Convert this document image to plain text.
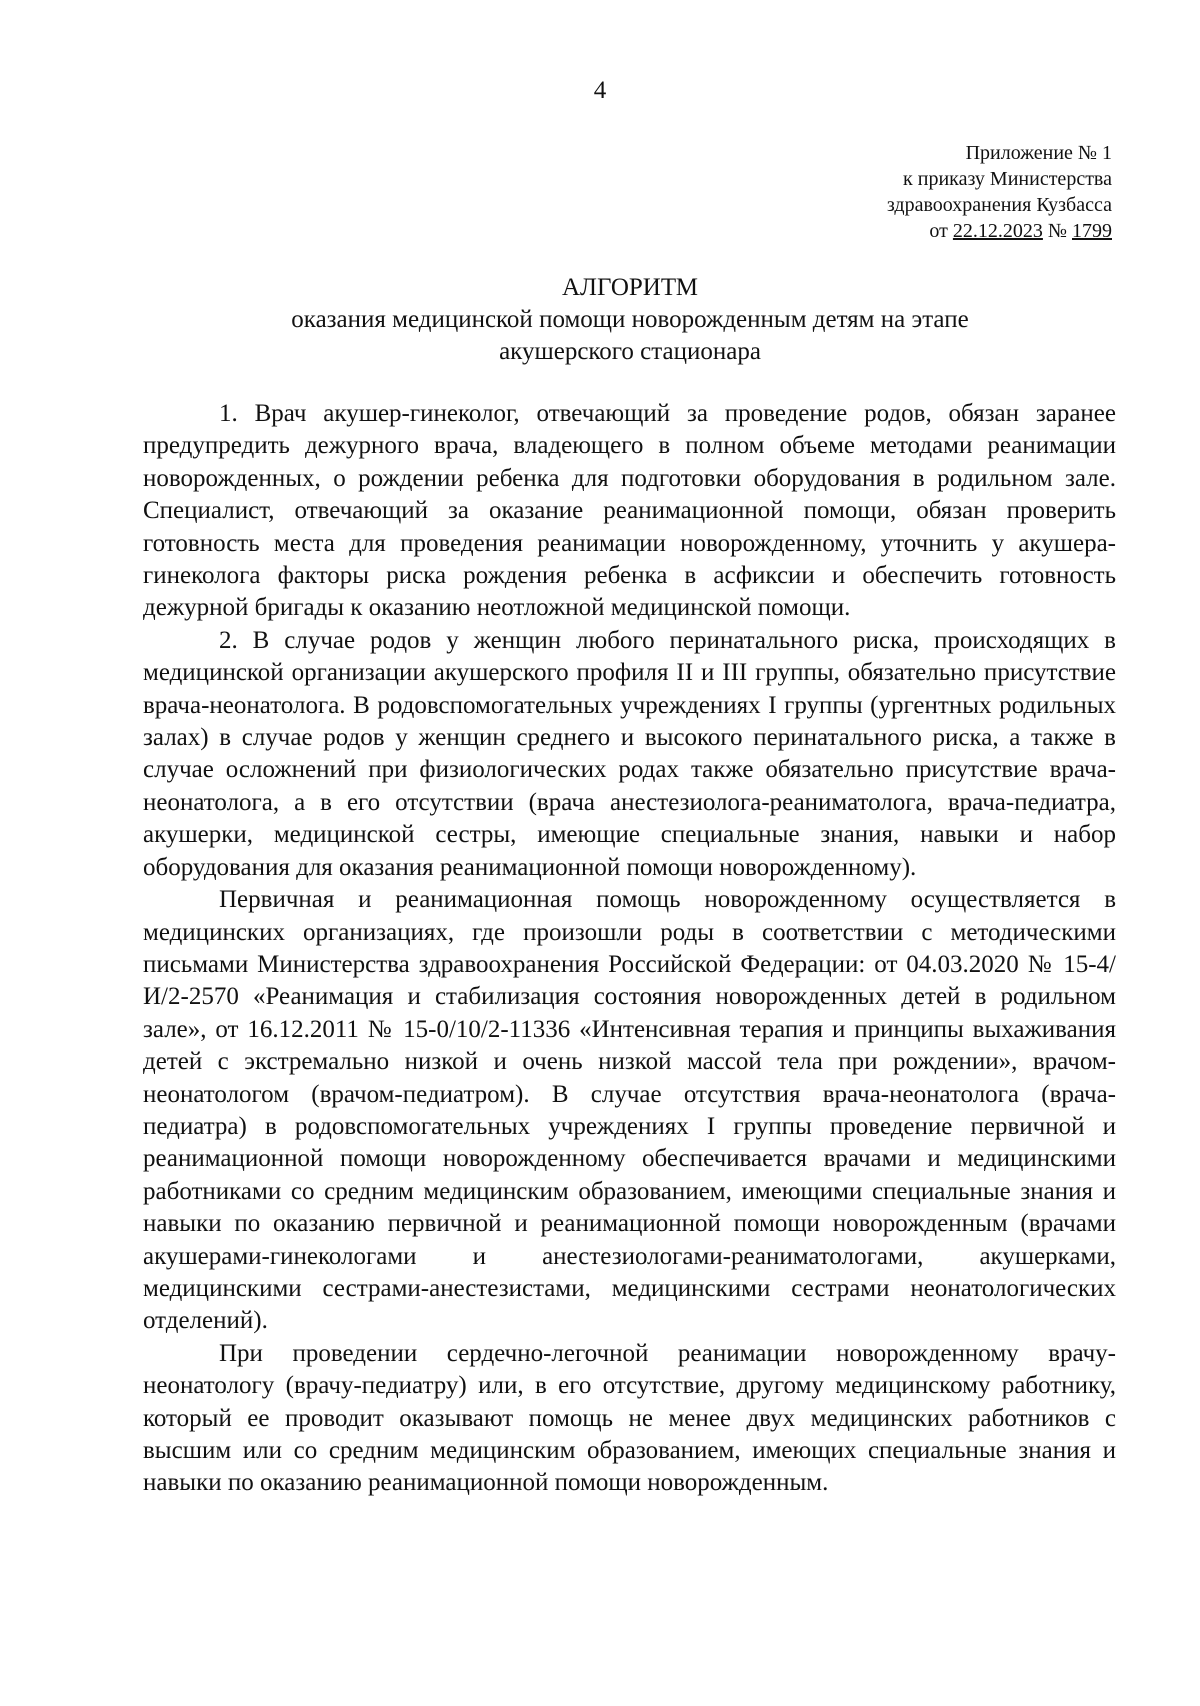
4
Приложение № 1
к приказу Министерства
здравоохранения Кузбасса
от 22.12.2023 № 1799
АЛГОРИТМ
оказания медицинской помощи новорожденным детям на этапе
акушерского стационара

1. Врач акушер-гинеколог, отвечающий за проведение родов, обязан заранее предупредить дежурного врача, владеющего в полном объеме методами реанимации новорожденных, о рождении ребенка для подготовки оборудования в родильном зале. Специалист, отвечающий за оказание реанимационной помощи, обязан проверить готовность места для проведения реанимации новорожденному, уточнить у акушера-гинеколога факторы риска рождения ребенка в асфиксии и обеспечить готовность дежурной бригады к оказанию неотложной медицинской помощи.

2. В случае родов у женщин любого перинатального риска, происходящих в медицинской организации акушерского профиля II и III группы, обязательно присутствие врача-неонатолога. В родовспомогательных учреждениях I группы (ургентных родильных залах) в случае родов у женщин среднего и высокого перинатального риска, а также в случае осложнений при физиологических родах также обязательно присутствие врача-неонатолога, а в его отсутствии (врача анестезиолога-реаниматолога, врача-педиатра, акушерки, медицинской сестры, имеющие специальные знания, навыки и набор оборудования для оказания реанимационной помощи новорожденному).

Первичная и реанимационная помощь новорожденному осуществляется в медицинских организациях, где произошли роды в соответствии с методическими письмами Министерства здравоохранения Российской Федерации: от 04.03.2020 № 15-4/И/2-2570 «Реанимация и стабилизация состояния новорожденных детей в родильном зале», от 16.12.2011 № 15-0/10/2-11336 «Интенсивная терапия и принципы выхаживания детей с экстремально низкой и очень низкой массой тела при рождении», врачом-неонатологом (врачом-педиатром). В случае отсутствия врача-неонатолога (врача-педиатра) в родовспомогательных учреждениях I группы проведение первичной и реанимационной помощи новорожденному обеспечивается врачами и медицинскими работниками со средним медицинским образованием, имеющими специальные знания и навыки по оказанию первичной и реанимационной помощи новорожденным (врачами акушерами-гинекологами и анестезиологами-реаниматологами, акушерками, медицинскими сестрами-анестезистами, медицинскими сестрами неонатологических отделений).

При проведении сердечно-легочной реанимации новорожденному врачу-неонатологу (врачу-педиатру) или, в его отсутствие, другому медицинскому работнику, который ее проводит оказывают помощь не менее двух медицинских работников с высшим или со средним медицинским образованием, имеющих специальные знания и навыки по оказанию реанимационной помощи новорожденным.
